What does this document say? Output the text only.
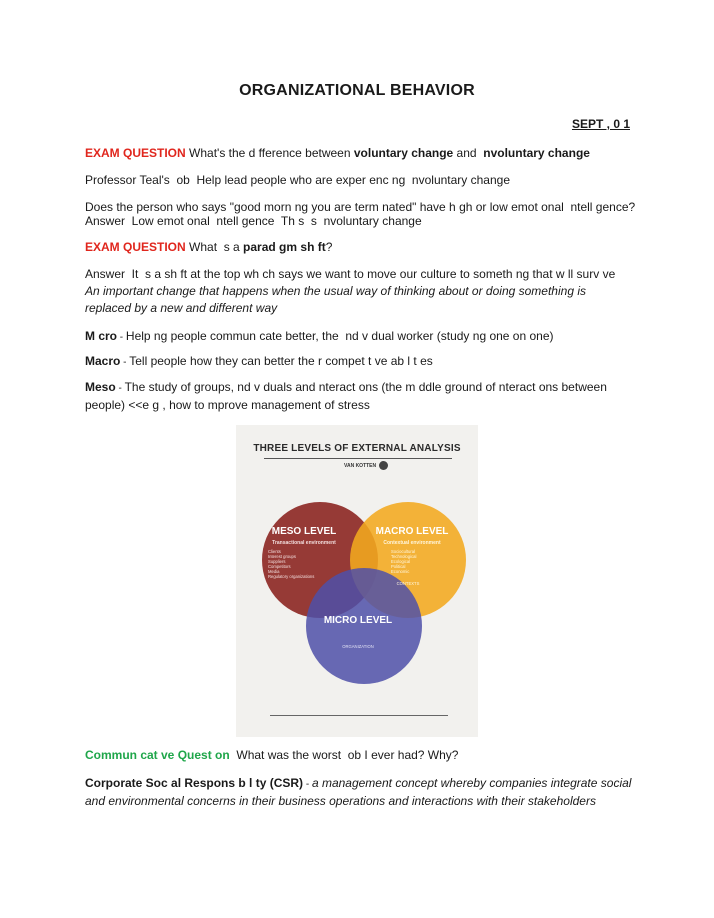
ORGANIZATIONAL BEHAVIOR
SEPT , 0 1
EXAM QUESTION What's the d fference between voluntary change and  nvoluntary change
Professor Teal's  ob  Help lead people who are exper enc ng  nvoluntary change
Does the person who says "good morn ng you are term nated" have h gh or low emot onal  ntell gence?
Answer  Low emot onal  ntell gence  Th s  s  nvoluntary change
EXAM QUESTION What  s a parad gm sh ft?
Answer  It  s a sh ft at the top wh ch says we want to move our culture to someth ng that w ll surv ve
An important change that happens when the usual way of thinking about or doing something is replaced by a new and different way
M cro - Help ng people commun cate better, the  nd v dual worker (study ng one on one)
Macro - Tell people how they can better the r compet t ve ab l t es
Meso - The study of groups, nd v duals and nteract ons (the m ddle ground of nteract ons between people) <<e g , how to mprove management of stress
THREE LEVELS OF EXTERNAL ANALYSIS
VAN KOTTEN
MESO LEVEL
Transactional environment
Clients
Interest groups
Suppliers
Competitors
Media
Regulatory organizations
MACRO LEVEL
Contextual environment
Sociocultural
Technological
Ecological
Political
Economic
CONTEXTS
MICRO LEVEL
ORGANIZATION
Commun cat ve Quest on  What was the worst  ob I ever had? Why?
Corporate Soc al Respons b l ty (CSR) - a management concept whereby companies integrate social and environmental concerns in their business operations and interactions with their stakeholders
